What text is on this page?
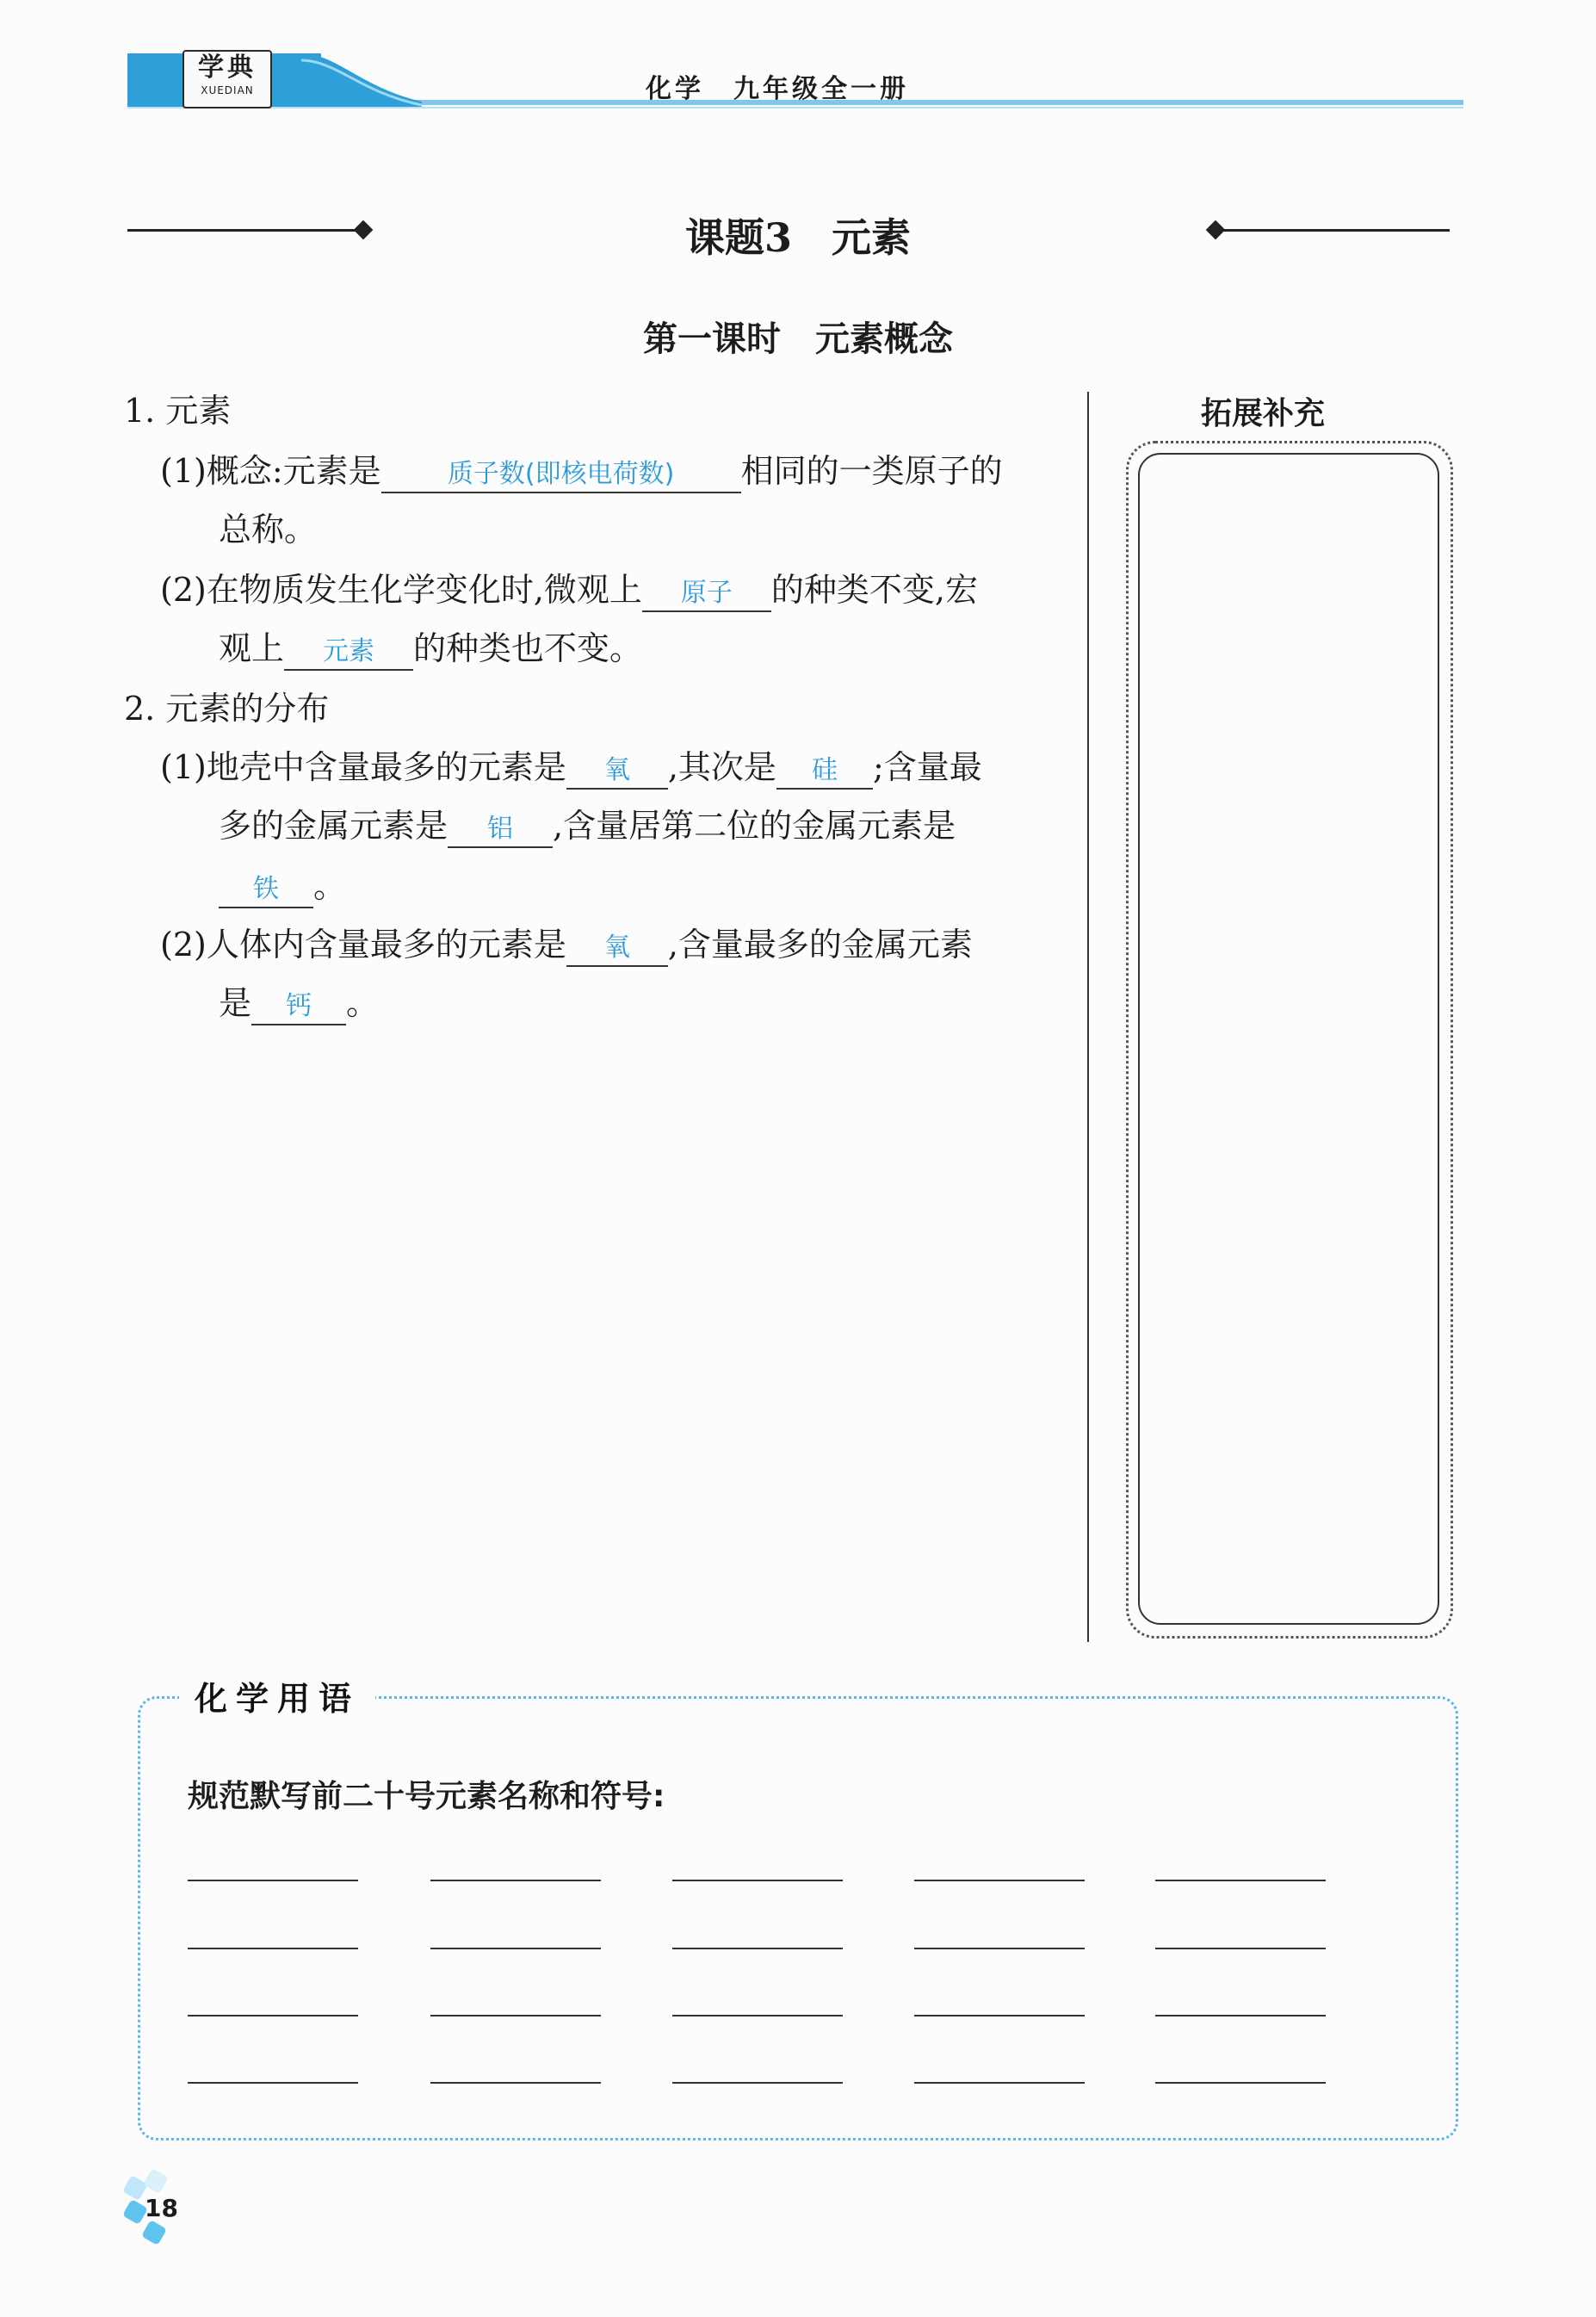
学典
XUEDIAN	化学　九年级全一册
课题3　元素
第一课时　元素概念
1. 元素
(1)概念:元素是	质子数(即核电荷数) 相同的一类原子的
总称。
(2)在物质发生化学变化时,微观上 原子 的种类不变,宏
观上 元素 的种类也不变。
2. 元素的分布
(1)地壳中含量最多的元素是 氧 ,其次是 硅 ;含量最
多的金属元素是 铝 ,含量居第二位的金属元素是
铁 。
(2)人体内含量最多的元素是 氧 ,含量最多的金属元素
是 钙 。
拓展补充
化学用语
规范默写前二十号元素名称和符号:
18
